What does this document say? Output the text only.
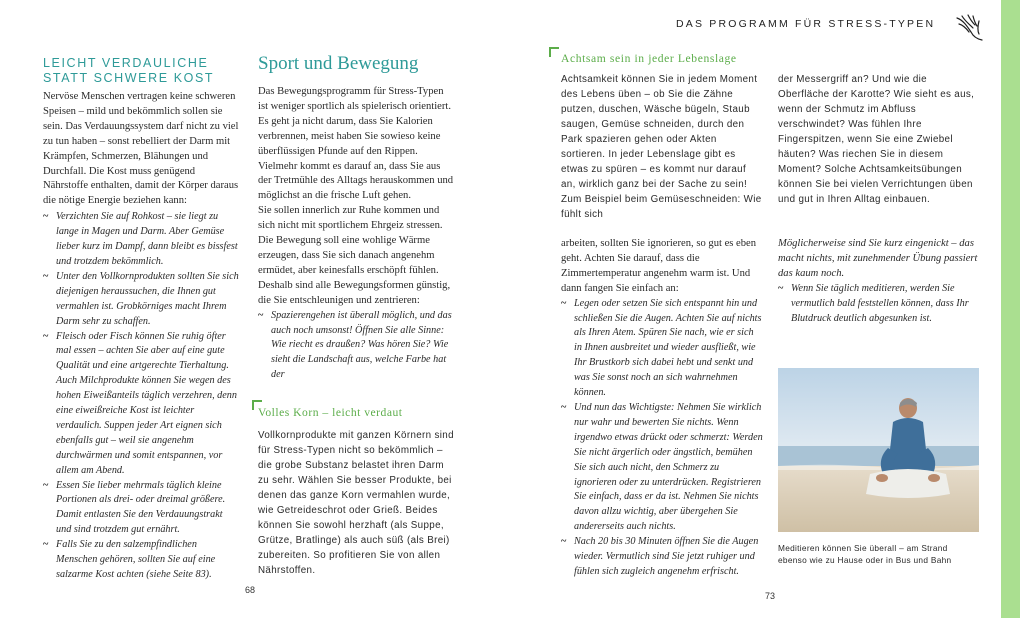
DAS PROGRAMM FÜR STRESS-TYPEN
LEICHT VERDAULICHE STATT SCHWERE KOST

Nervöse Menschen vertragen keine schweren Speisen – mild und bekömmlich sollen sie sein. Das Verdauungssystem darf nicht zu viel zu tun haben – sonst rebelliert der Darm mit Krämpfen, Schmerzen, Blähungen und Durchfall. Die Kost muss genügend Nährstoffe enthalten, damit der Körper daraus die nötige Energie beziehen kann:

~ Verzichten Sie auf Rohkost – sie liegt zu lange in Magen und Darm. Aber Gemüse lieber kurz im Dampf, dann bleibt es bissfest und trotzdem bekömmlich.
~ Unter den Vollkornprodukten sollten Sie sich diejenigen heraussuchen, die Ihnen gut vermahlen ist. Grobkörniges macht Ihrem Darm sehr zu schaffen.
~ Fleisch oder Fisch können Sie ruhig öfter mal essen – achten Sie aber auf eine gute Qualität und eine artgerechte Tierhaltung. Auch Milchprodukte können Sie wegen des hohen Eiweißanteils täglich verzehren, denn eine eiweißreiche Kost ist leichter verdaulich. Suppen jeder Art eignen sich ebenfalls gut – weil sie angenehm durchwärmen und somit entspannen, vor allem am Abend.
~ Essen Sie lieber mehrmals täglich kleine Portionen als drei- oder dreimal größere. Damit entlasten Sie den Verdauungstrakt und sind trotzdem gut ernährt.
~ Falls Sie zu den salzempfindlichen Menschen gehören, sollten Sie auf eine salzarme Kost achten (siehe Seite 83).
Sport und Bewegung

Das Bewegungsprogramm für Stress-Typen ist weniger sportlich als spielerisch orientiert. Es geht ja nicht darum, dass Sie Kalorien verbrennen, meist haben Sie sowieso keine überflüssigen Pfunde auf den Rippen. Vielmehr kommt es darauf an, dass Sie aus der Tretmühle des Alltags herauskommen und möglichst an die frische Luft gehen.

Sie sollen innerlich zur Ruhe kommen und sich nicht mit sportlichem Ehrgeiz stressen. Die Bewegung soll eine wohlige Wärme erzeugen, dass Sie sich danach angenehm ermüdet, aber keinesfalls erschöpft fühlen. Deshalb sind alle Bewegungsformen günstig, die Sie entschleunigen und zentrieren:

~ Spazierengehen ist überall möglich, und das auch noch umsonst! Öffnen Sie alle Sinne: Wie riecht es draußen? Was hören Sie? Wie sieht die Landschaft aus, welche Farbe hat der
Volles Korn – leicht verdaut

Vollkornprodukte mit ganzen Körnern sind für Stress-Typen nicht so bekömmlich – die grobe Substanz belastet ihren Darm zu sehr. Wählen Sie besser Produkte, bei denen das ganze Korn vermahlen wurde, wie Getreideschrot oder Grieß. Beides können Sie sowohl herzhaft (als Suppe, Grütze, Bratlinge) als auch süß (als Brei) zubereiten. So profitieren Sie von allen Nährstoffen.

68
Achtsam sein in jeder Lebenslage

Achtsamkeit können Sie in jedem Moment des Lebens üben – ob Sie die Zähne putzen, duschen, Wäsche bügeln, Staub saugen, Gemüse schneiden, durch den Park spazieren gehen oder Akten sortieren. In jeder Lebenslage gibt es etwas zu spüren – es kommt nur darauf an, wirklich ganz bei der Sache zu sein! Zum Beispiel beim Gemüseschneiden: Wie fühlt sich

der Messergriff an? Und wie die Oberfläche der Karotte? Wie sieht es aus, wenn der Schmutz im Abfluss verschwindet? Was fühlen Ihre Fingerspitzen, wenn Sie eine Zwiebel häuten? Was riechen Sie in diesem Moment? Solche Achtsamkeitsübungen können Sie bei vielen Verrichtungen üben und gut in Ihren Alltag einbauen.

arbeiten, sollten Sie ignorieren, so gut es eben geht. Achten Sie darauf, dass die Zimmertemperatur angenehm warm ist. Und dann fangen Sie einfach an:

~ Legen oder setzen Sie sich entspannt hin und schließen Sie die Augen. Achten Sie auf nichts als Ihren Atem. Spüren Sie nach, wie er sich in Ihnen ausbreitet und wieder ausfließt, wie Ihr Brustkorb sich dabei hebt und senkt und was Sie sonst noch an sich wahrnehmen können.
~ Und nun das Wichtigste: Nehmen Sie wirklich nur wahr und bewerten Sie nichts. Wenn irgendwo etwas drückt oder schmerzt: Werden Sie nicht ärgerlich oder ängstlich, bemühen Sie sich auch nicht, den Schmerz zu ignorieren oder zu unterdrücken. Registrieren Sie einfach, dass er da ist. Nehmen Sie nichts davon allzu wichtig, aber übergehen Sie andererseits auch nichts.
~ Nach 20 bis 30 Minuten öffnen Sie die Augen wieder. Vermutlich sind Sie jetzt ruhiger und fühlen sich zugleich angenehm erfrischt.

Möglicherweise sind Sie kurz eingenickt – das macht nichts, mit zunehmender Übung passiert das kaum noch.

~ Wenn Sie täglich meditieren, werden Sie vermutlich bald feststellen können, dass Ihr Blutdruck deutlich abgesunken ist.

Meditieren können Sie überall – am Strand ebenso wie zu Hause oder in Bus und Bahn

73
